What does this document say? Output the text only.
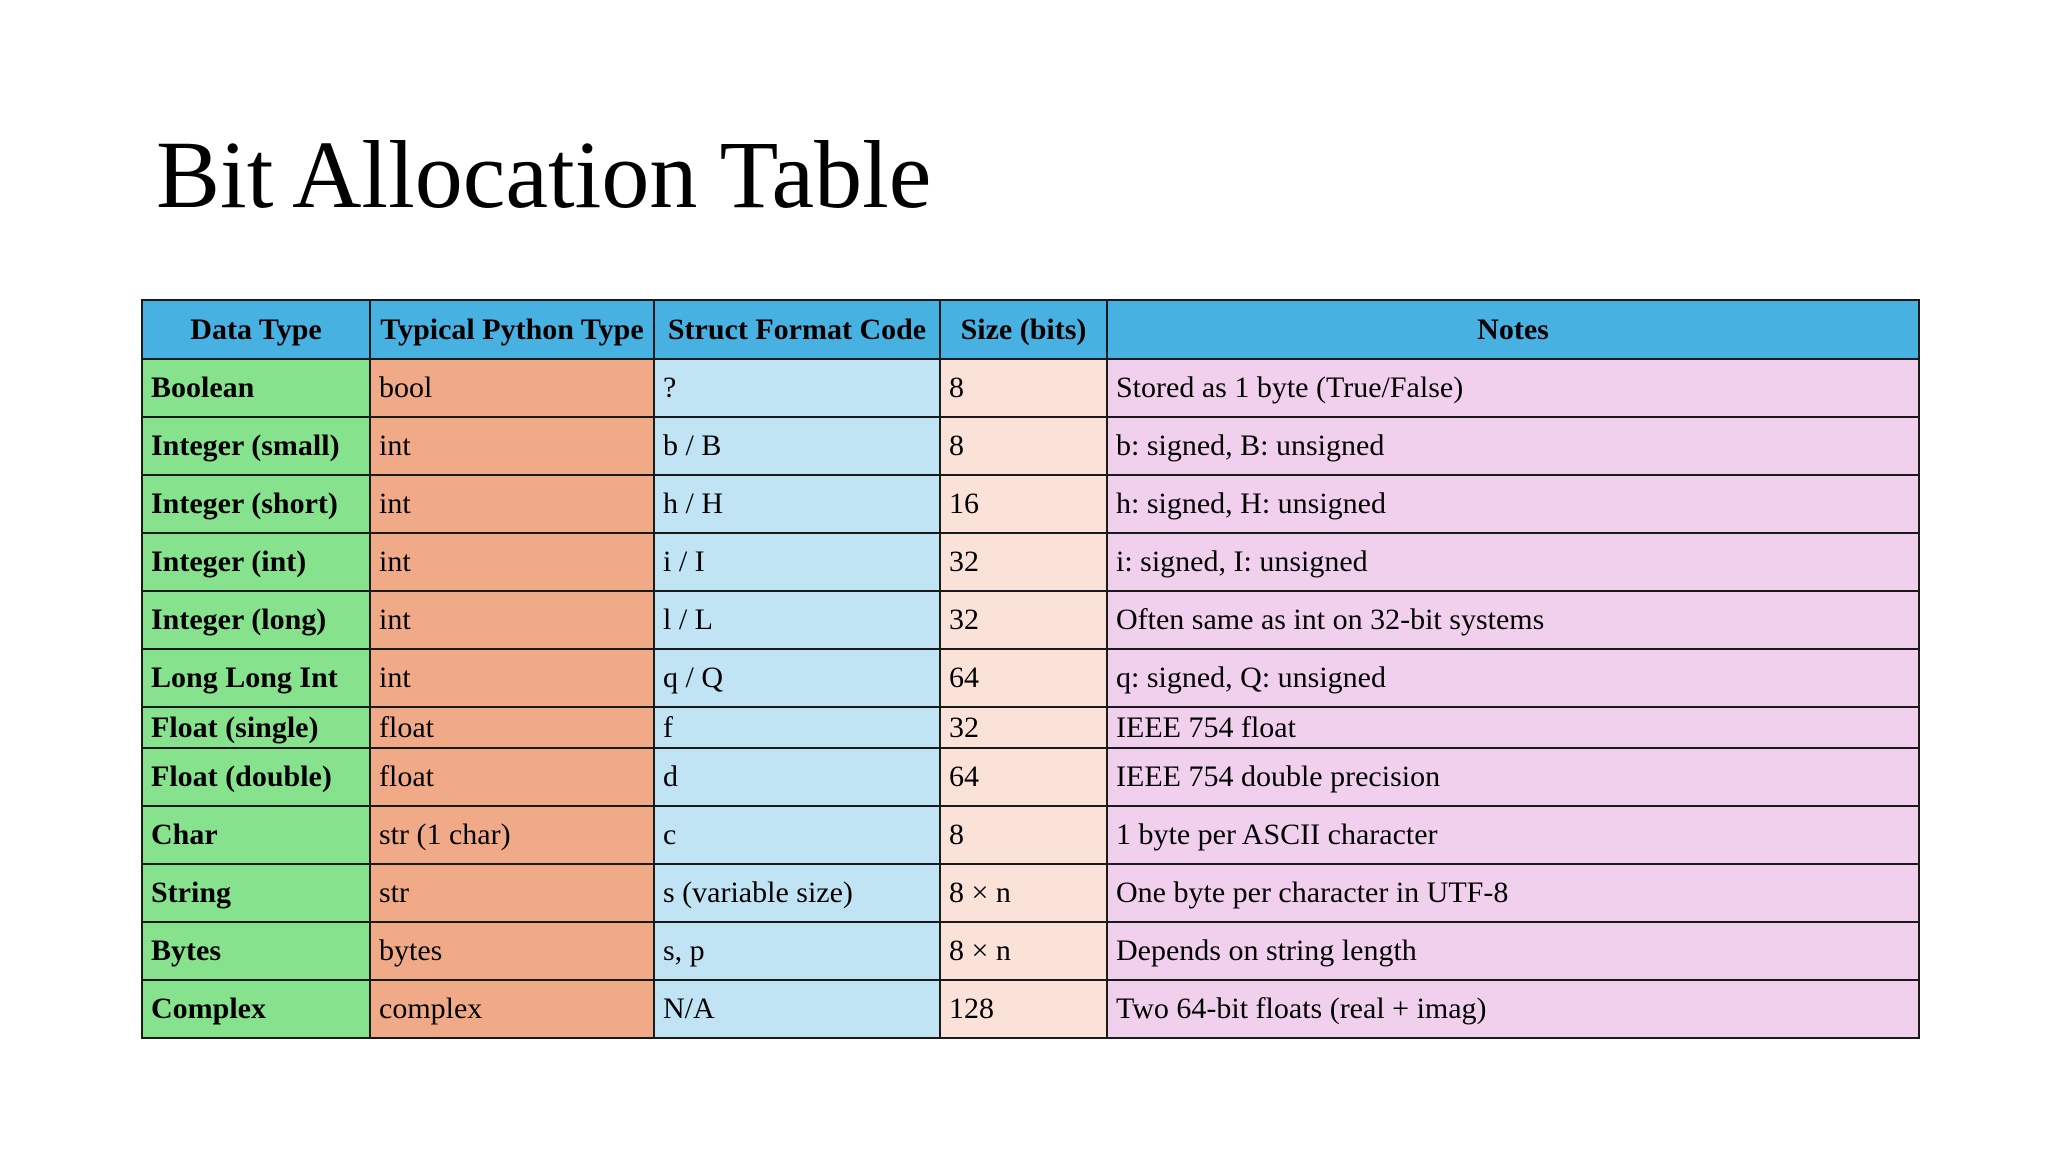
Bit Allocation Table
Data Type	Typical Python Type	Struct Format Code	Size (bits)	Notes
Boolean	bool	?	8	Stored as 1 byte (True/False)
Integer (small)	int	b / B	8	b: signed, B: unsigned
Integer (short)	int	h / H	16	h: signed, H: unsigned
Integer (int)	int	i / I	32	i: signed, I: unsigned
Integer (long)	int	l / L	32	Often same as int on 32-bit systems
Long Long Int	int	q / Q	64	q: signed, Q: unsigned
Float (single)	float	f	32	IEEE 754 float
Float (double)	float	d	64	IEEE 754 double precision
Char	str (1 char)	c	8	1 byte per ASCII character
String	str	s (variable size)	8 × n	One byte per character in UTF-8
Bytes	bytes	s, p	8 × n	Depends on string length
Complex	complex	N/A	128	Two 64-bit floats (real + imag)
